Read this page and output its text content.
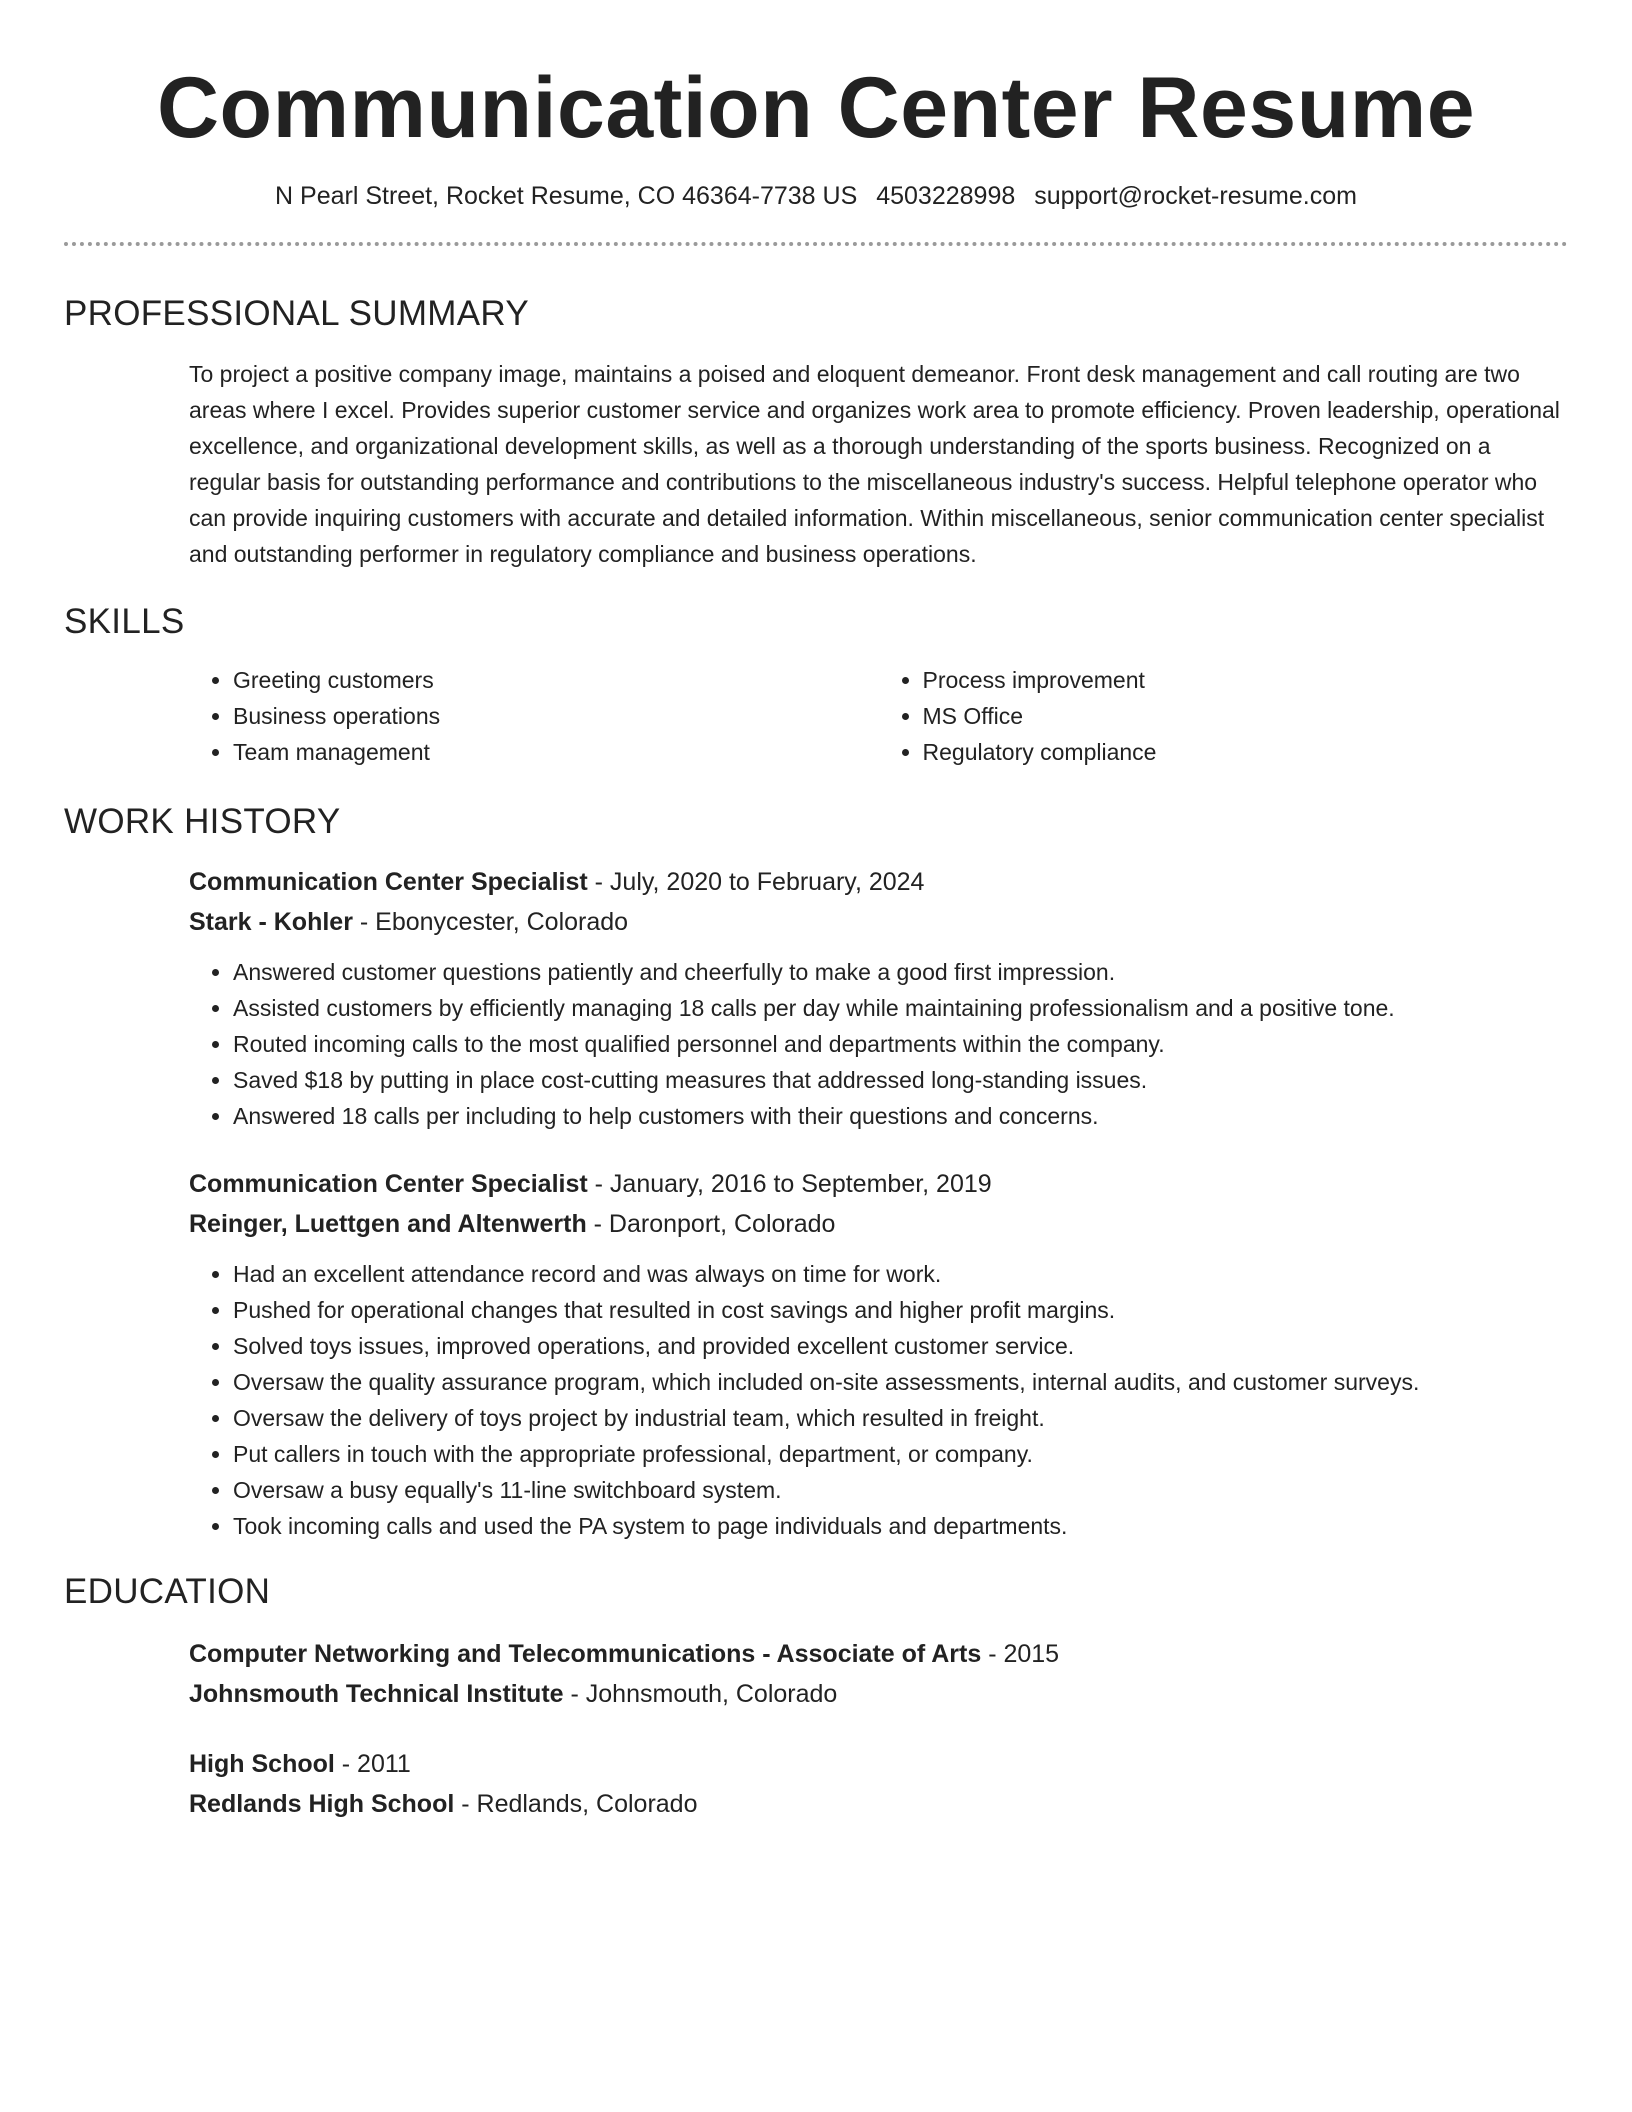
Communication Center Resume
N Pearl Street, Rocket Resume, CO 46364-7738 US 4503228998 support@rocket-resume.com
PROFESSIONAL SUMMARY
To project a positive company image, maintains a poised and eloquent demeanor. Front desk management and call routing are two areas where I excel. Provides superior customer service and organizes work area to promote efficiency. Proven leadership, operational excellence, and organizational development skills, as well as a thorough understanding of the sports business. Recognized on a regular basis for outstanding performance and contributions to the miscellaneous industry's success. Helpful telephone operator who can provide inquiring customers with accurate and detailed information. Within miscellaneous, senior communication center specialist and outstanding performer in regulatory compliance and business operations.
SKILLS
• Greeting customers
• Business operations
• Team management
• Process improvement
• MS Office
• Regulatory compliance
WORK HISTORY
Communication Center Specialist - July, 2020 to February, 2024
Stark - Kohler - Ebonycester, Colorado
• Answered customer questions patiently and cheerfully to make a good first impression.
• Assisted customers by efficiently managing 18 calls per day while maintaining professionalism and a positive tone.
• Routed incoming calls to the most qualified personnel and departments within the company.
• Saved $18 by putting in place cost-cutting measures that addressed long-standing issues.
• Answered 18 calls per including to help customers with their questions and concerns.
Communication Center Specialist - January, 2016 to September, 2019
Reinger, Luettgen and Altenwerth - Daronport, Colorado
• Had an excellent attendance record and was always on time for work.
• Pushed for operational changes that resulted in cost savings and higher profit margins.
• Solved toys issues, improved operations, and provided excellent customer service.
• Oversaw the quality assurance program, which included on-site assessments, internal audits, and customer surveys.
• Oversaw the delivery of toys project by industrial team, which resulted in freight.
• Put callers in touch with the appropriate professional, department, or company.
• Oversaw a busy equally's 11-line switchboard system.
• Took incoming calls and used the PA system to page individuals and departments.
EDUCATION
Computer Networking and Telecommunications - Associate of Arts - 2015
Johnsmouth Technical Institute - Johnsmouth, Colorado
High School - 2011
Redlands High School - Redlands, Colorado
